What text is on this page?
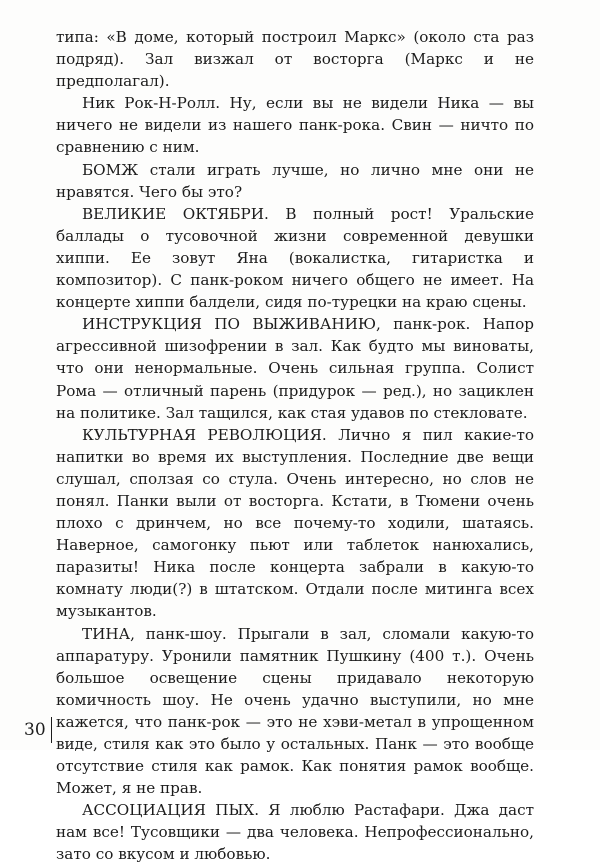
типа: «В доме, который построил Маркс» (около ста раз подряд). Зал визжал от восторга (Маркс и не предполагал).

Ник Рок-Н-Ролл. Ну, если вы не видели Ника — вы ничего не видели из нашего панк-рока. Свин — ничто по сравнению с ним.

БОМЖ стали играть лучше, но лично мне они не нравятся. Чего бы это?

ВЕЛИКИЕ ОКТЯБРИ. В полный рост! Уральские баллады о тусовочной жизни современной девушки хиппи. Ее зовут Яна (вокалистка, гитаристка и композитор). С панк-роком ничего общего не имеет. На концерте хиппи балдели, сидя по-турецки на краю сцены.

ИНСТРУКЦИЯ ПО ВЫЖИВАНИЮ, панк-рок. Напор агрессивной шизофрении в зал. Как будто мы виноваты, что они ненормальные. Очень сильная группа. Солист Рома — отличный парень (придурок — ред.), но зациклен на политике. Зал тащился, как стая удавов по стекловате.

КУЛЬТУРНАЯ РЕВОЛЮЦИЯ. Лично я пил какие-то напитки во время их выступления. Последние две вещи слушал, сползая со стула. Очень интересно, но слов не понял. Панки выли от восторга. Кстати, в Тюмени очень плохо с дринчем, но все почему-то ходили, шатаясь. Наверное, самогонку пьют или таблеток нанюхались, паразиты! Ника после концерта забрали в какую-то комнату люди(?) в штатском. Отдали после митинга всех музыкантов.

ТИНА, панк-шоу. Прыгали в зал, сломали какую-то аппаратуру. Уронили памятник Пушкину (400 т.). Очень большое освещение сцены придавало некоторую комичность шоу. Не очень удачно выступили, но мне кажется, что панк-рок — это не хэви-метал в упрощенном виде, стиля как это было у остальных. Панк — это вообще отсутствие стиля как рамок. Как понятия рамок вообще. Может, я не прав.

АССОЦИАЦИЯ ПЫХ. Я люблю Растафари. Джа даст нам все! Тусовщики — два человека. Непрофессионально, зато со вкусом и любовью.

30
